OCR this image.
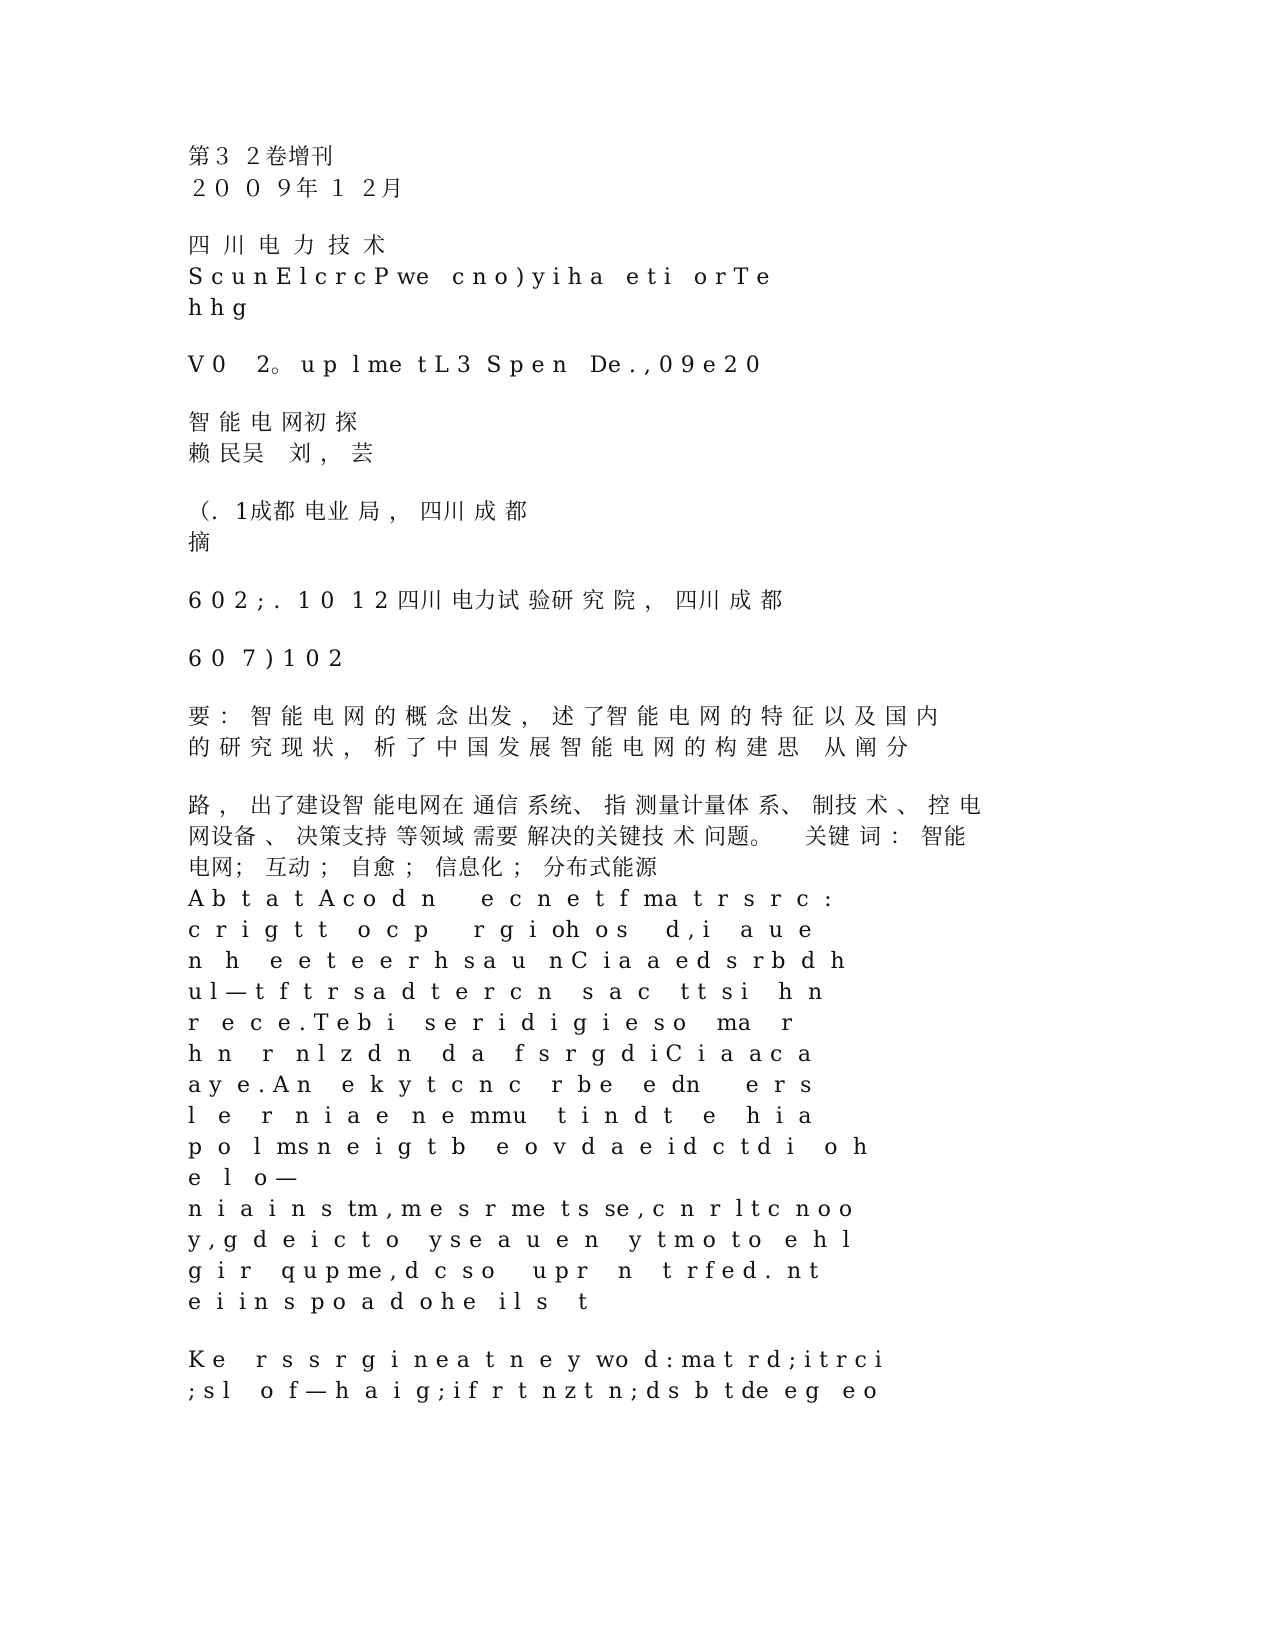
第３ ２卷增刊
２０ ０ ９年 １ ２月
四 川 电 力 技 术
S c u n E l c r c P we   c n o ) y i h a   e t i   o r T e
h h g
V 0    2。 u p  l me  t L 3  S p e n   De . , 0 9 e 2 0
智 能 电 网初 探
赖 民吴   刘 ， 芸
（.  1成都 电业 局 ， 四川 成 都
摘
6 0 2 ; .  1 0  1 2 四川 电力试 验研 究 院 ， 四川 成 都
6 0  7 ) 1 0 2
要 ： 智 能 电 网 的 概 念 出发 ， 述 了智 能 电 网 的 特 征 以 及 国 内
的 研 究 现 状 ， 析 了 中 国 发 展 智 能 电 网 的 构 建 思   从 阐 分
路 ， 出了建设智 能电网在 通信 系统、 指 测量计量体 系、 制技 术 、 控 电
网设备 、 决策支持 等领域 需要 解决的关键技 术 问题。    关键 词 ： 智能
电网； 互动 ； 自愈 ； 信息化 ； 分布式能源
A b  t  a  t  A c o  d  n      e  c  n  e  t  f  ma  t  r  s  r  c  :
c  r  i  g  t  t    o  c  p      r  g  i  oh  o s     d , i    a  u  e
n   h    e  e  t  e  e  r  h  s a  u   n C  i a  a  e d  s  r b  d  h
u l — t  f  t  r  s a  d  t  e  r  c  n    s  a  c    t t  s i    h  n
r   e  c  e . T e b  i    s e  r  i  d  i  g  i  e  s o    ma    r
h  n    r   n l  z  d  n    d  a    f  s  r  g  d  i C  i  a  a c  a
a y  e . A n    e  k  y  t  c  n  c    r  b e    e  dn      e  r  s
l   e    r   n  i  a  e   n  e  mmu    t  i  n  d  t    e    h  i  a
p  o   l  ms n  e  i  g  t  b    e  o  v  d  a  e  i d  c  t d  i    o  h
e   l   o —
n  i  a  i  n  s  tm , m e  s  r  me  t s  se , c  n  r  l t c  n o o
y , g  d  e  i  c  t  o    y s e  a  u  e  n    y  t m o  t o   e  h  l
g  i  r    q u p me , d  c  s o     u p r    n    t  r f e d .  n t
e  i  i n  s  p o  a  d  o h e   i l  s    t
K e    r  s  s  r  g  i  n e a  t  n  e  y  wo  d : ma t  r d ; i t r c i
; s l    o  f — h  a  i  g ; i f  r  t  n z t  n ; d s  b  t de  e g   e o
